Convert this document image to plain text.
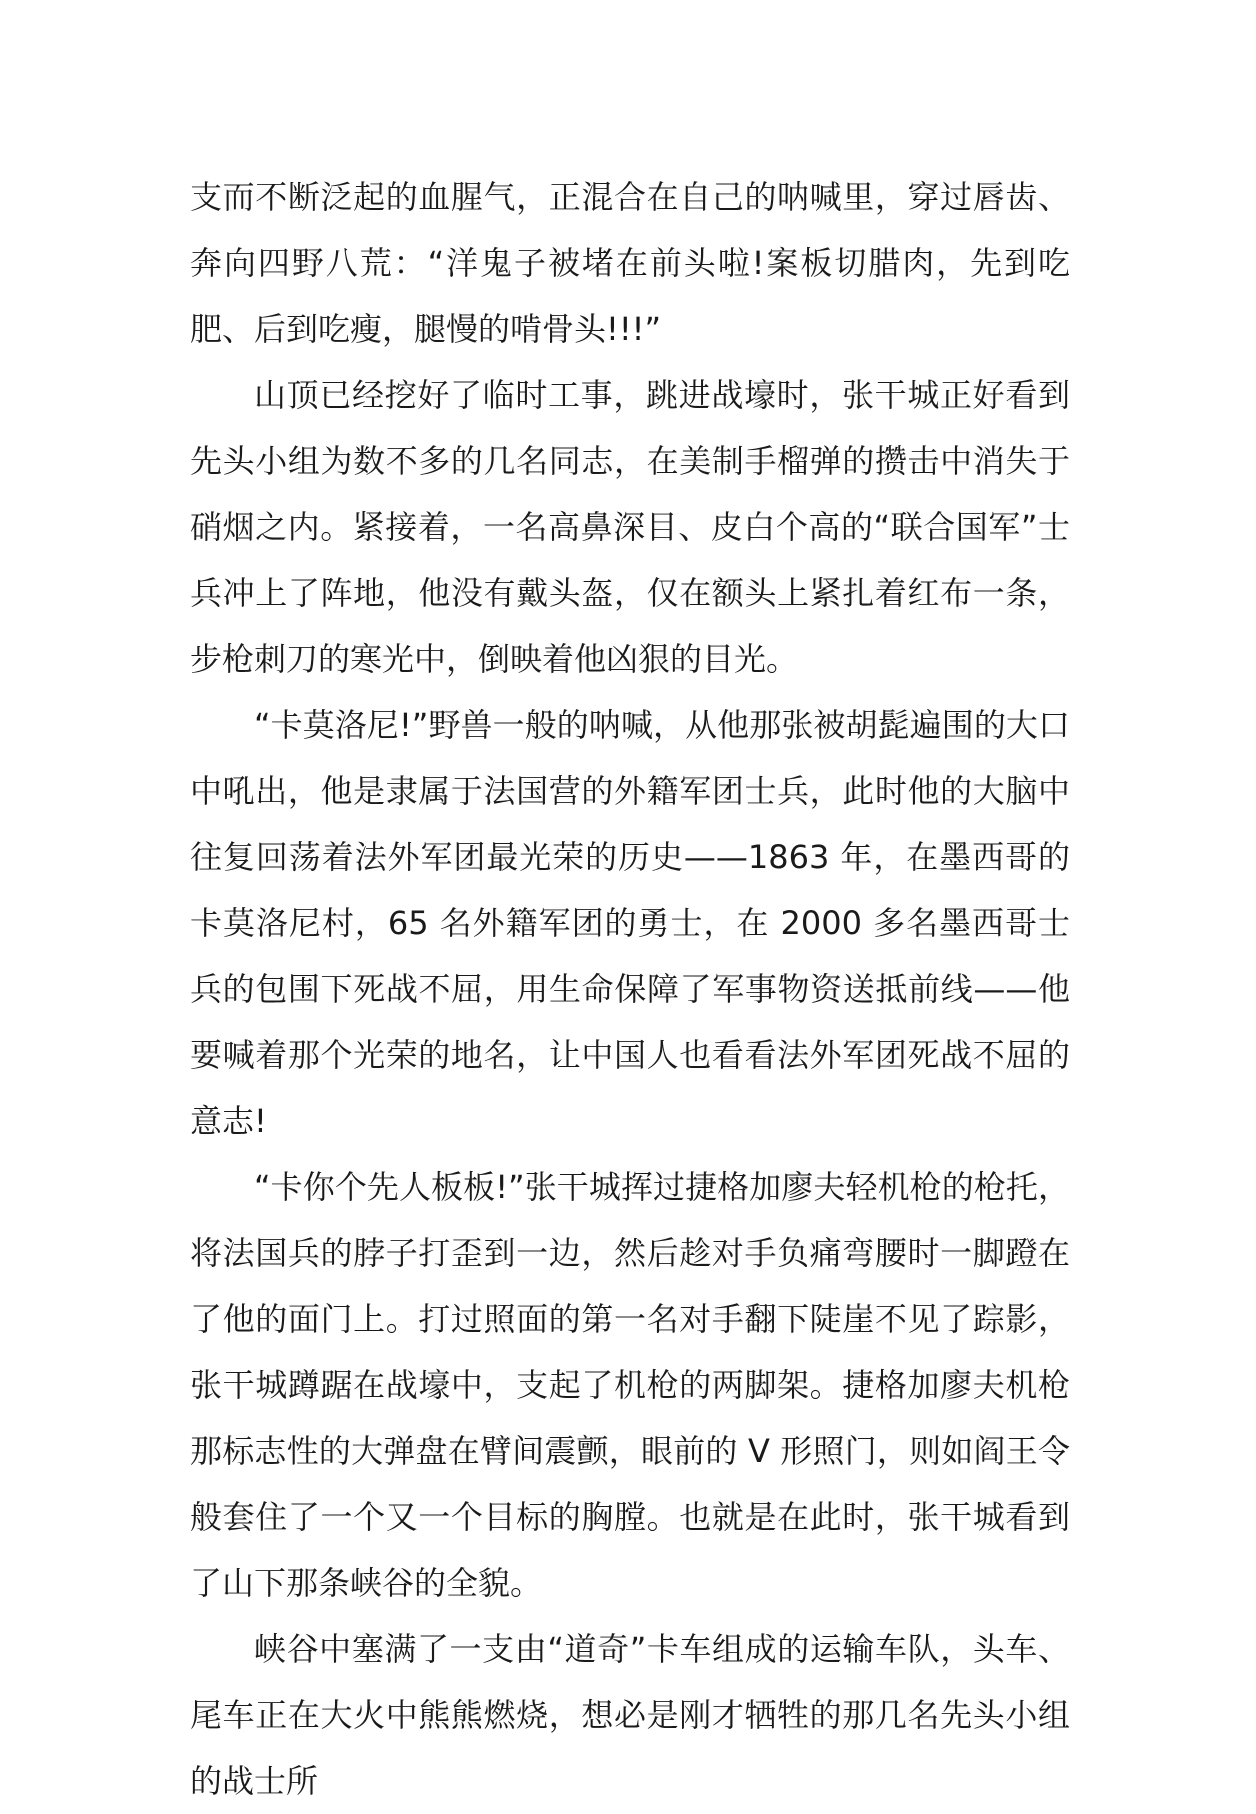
支而不断泛起的血腥气，正混合在自己的呐喊里，穿过唇齿、奔向四野八荒：“洋鬼子被堵在前头啦!案板切腊肉，先到吃肥、后到吃瘦，腿慢的啃骨头!!!”

山顶已经挖好了临时工事，跳进战壕时，张干城正好看到先头小组为数不多的几名同志，在美制手榴弹的攒击中消失于硝烟之内。紧接着，一名高鼻深目、皮白个高的“联合国军”士兵冲上了阵地，他没有戴头盔，仅在额头上紧扎着红布一条，步枪刺刀的寒光中，倒映着他凶狠的目光。

“卡莫洛尼!”野兽一般的呐喊，从他那张被胡髭遍围的大口中吼出，他是隶属于法国营的外籍军团士兵，此时他的大脑中往复回荡着法外军团最光荣的历史——1863 年，在墨西哥的卡莫洛尼村，65 名外籍军团的勇士，在 2000 多名墨西哥士兵的包围下死战不屈，用生命保障了军事物资送抵前线——他要喊着那个光荣的地名，让中国人也看看法外军团死战不屈的意志!

“卡你个先人板板!”张干城挥过捷格加廖夫轻机枪的枪托，将法国兵的脖子打歪到一边，然后趁对手负痛弯腰时一脚蹬在了他的面门上。打过照面的第一名对手翻下陡崖不见了踪影，张干城蹲踞在战壕中，支起了机枪的两脚架。捷格加廖夫机枪那标志性的大弹盘在臂间震颤，眼前的 V 形照门，则如阎王令般套住了一个又一个目标的胸膛。也就是在此时，张干城看到了山下那条峡谷的全貌。

峡谷中塞满了一支由“道奇”卡车组成的运输车队，头车、尾车正在大火中熊熊燃烧，想必是刚才牺牲的那几名先头小组的战士所
